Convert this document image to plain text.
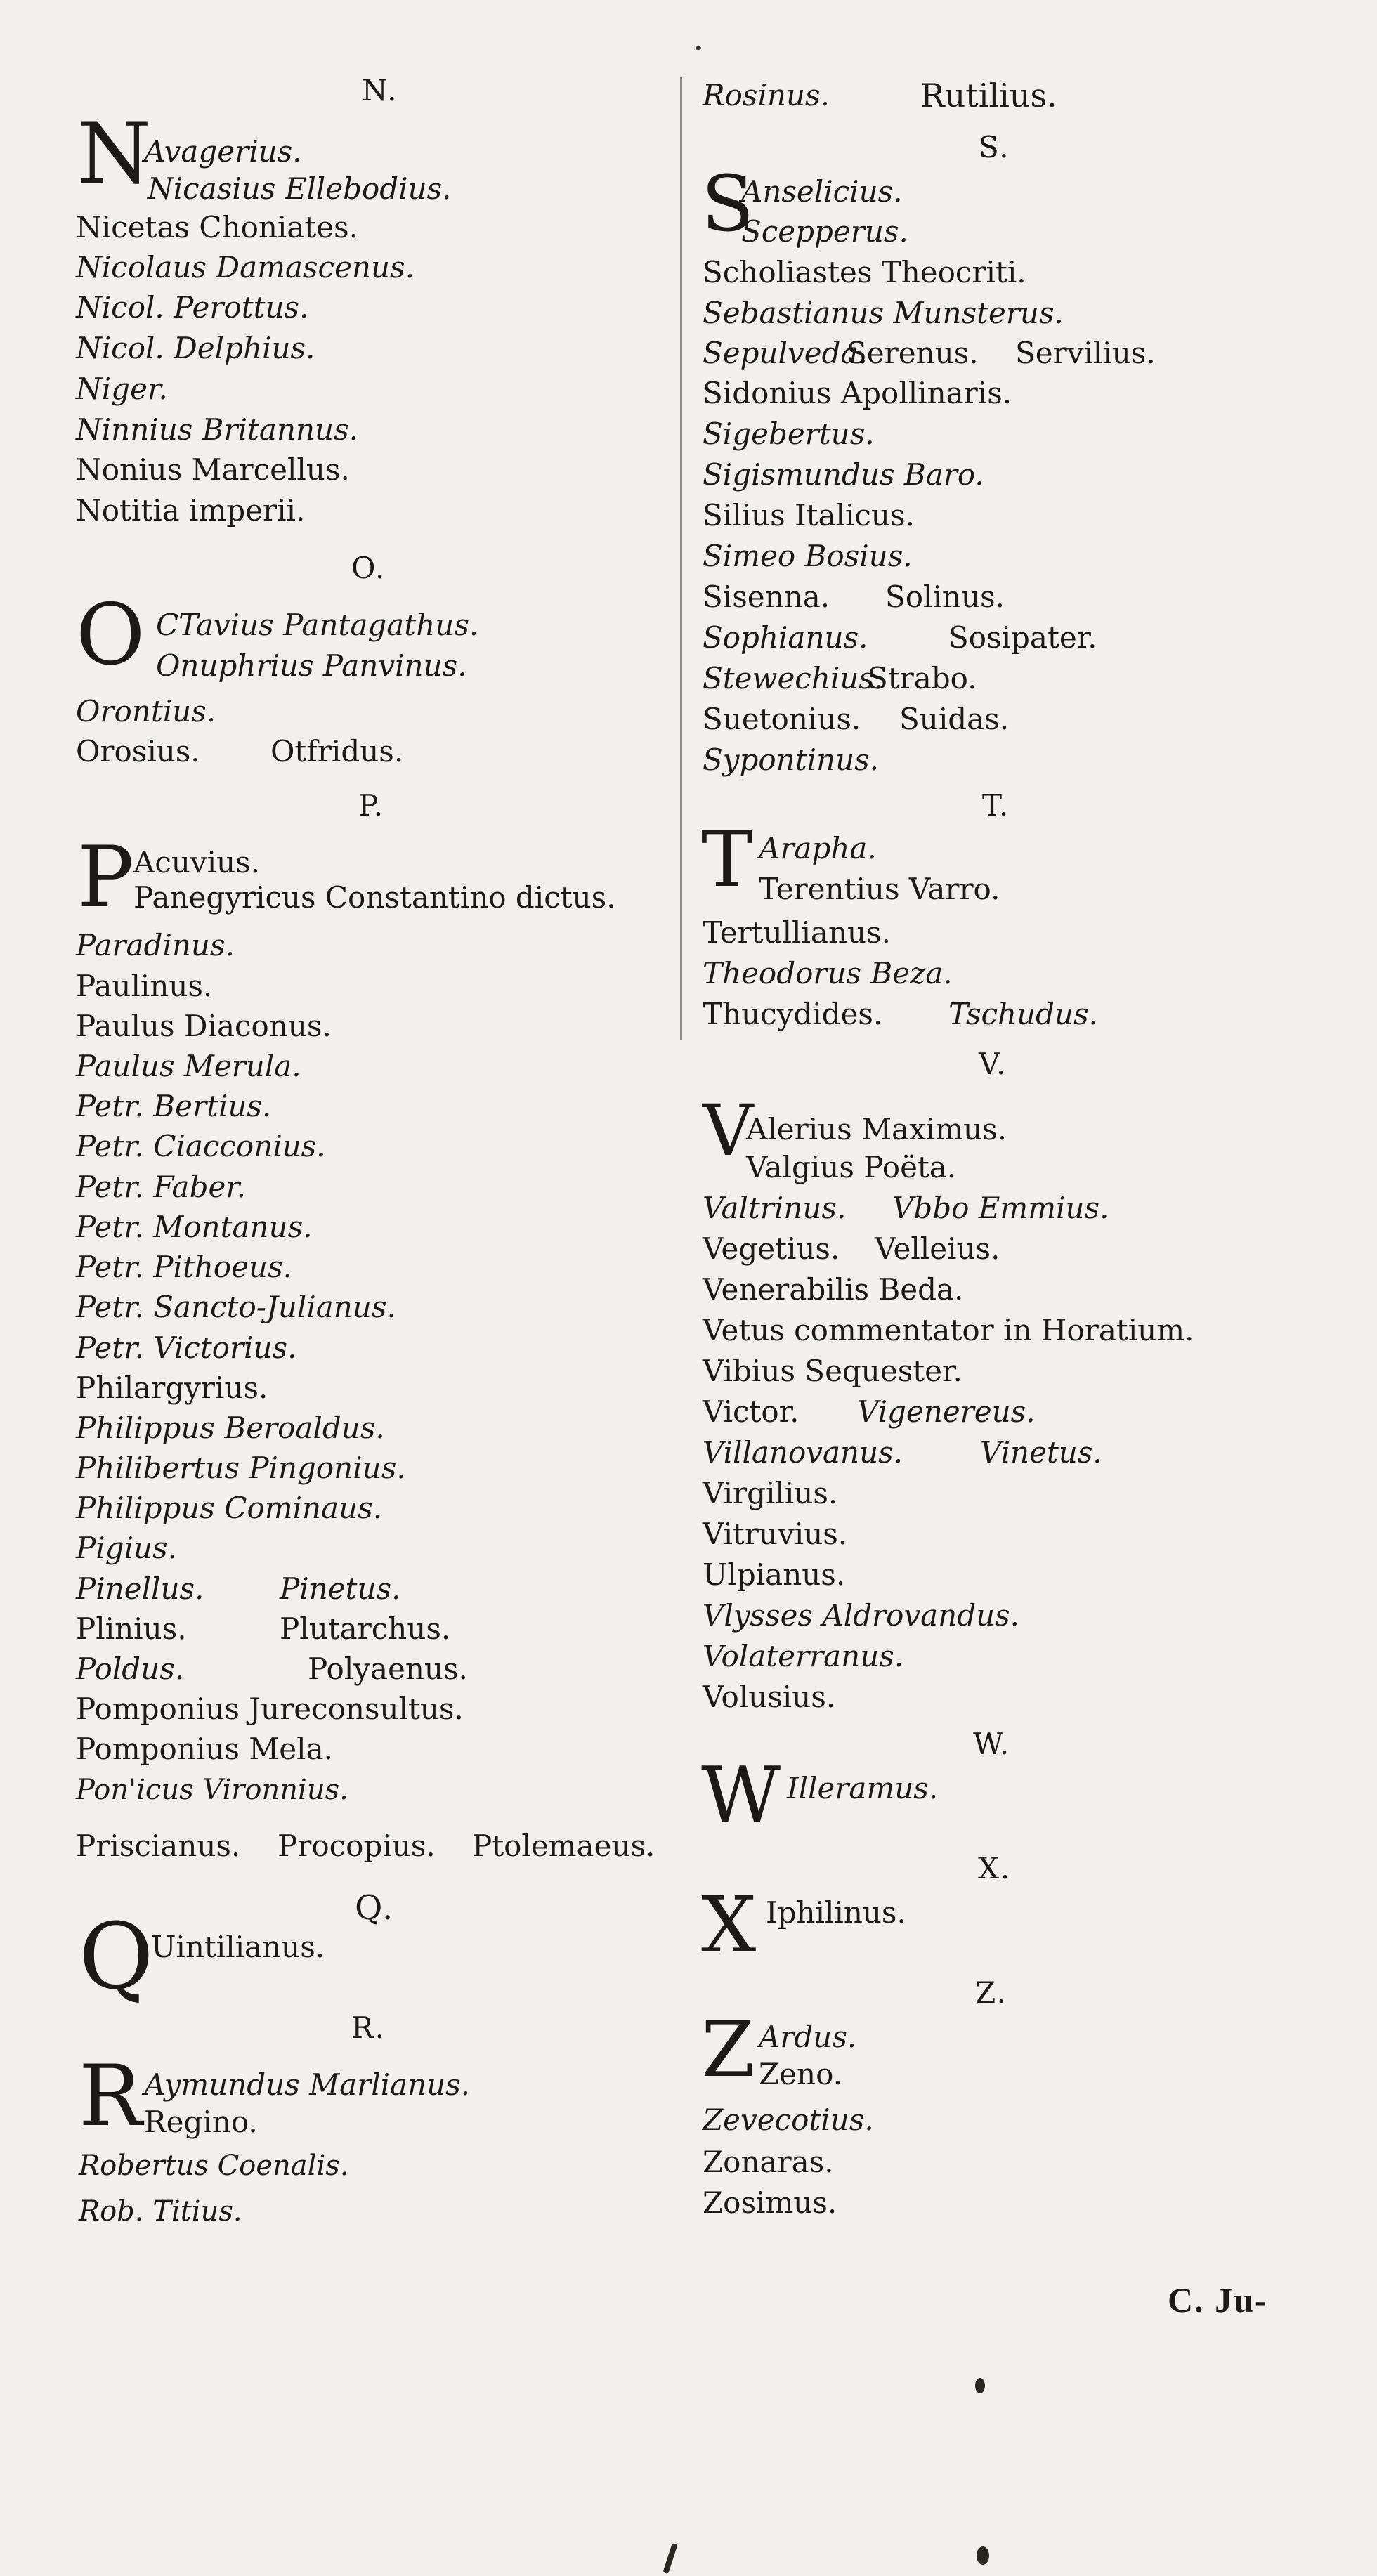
N.
N
Avagerius.
Nicasius Ellebodius.
Nicetas Choniates.
Nicolaus Damascenus.
Nicol. Perottus.
Nicol. Delphius.
Niger.
Ninnius Britannus.
Nonius Marcellus.
Notitia imperii.
O.
O CTavius Pantagathus.
Onuphrius Panvinus.
Orontius.
Orosius. Otfridus.
P.
P Acuvius.
Panegyricus Constantino dictus.
Paradinus.
Paulinus.
Paulus Diaconus.
Paulus Merula.
Petr. Bertius.
Petr. Ciacconius.
Petr. Faber.
Petr. Montanus.
Petr. Pithoeus.
Petr. Sancto-Julianus.
Petr. Victorius.
Philargyrius.
Philippus Beroaldus.
Philibertus Pingonius.
Philippus Cominaus.
Pigius.
Pinellus.	Pinetus.
Plinius.	Plutarchus.
Poldus.	Polyaenus.
Pomponius Jureconsultus.
Pomponius Mela.
Pon'icus Vironnius.
Priscianus. Procopius. Ptolemaeus.
Q.
Q
Uintilianus.
R.
R Aymundus Marlianus.
Regino.
Robertus Coenalis.
Rob. Titius.
Rosinus.	Rutilius.
S.
S
Anselicius.
Scepperus.
Scholiastes Theocriti.
Sebastianus Munsterus.
Sepulveda.
Serenus. Servilius.
Sidonius Apollinaris.
Sigebertus.
Sigismundus Baro.
Silius Italicus.
Simeo Bosius.
Sisenna. Solinus.
Sophianus.	Sosipater.
Stewechius.
Strabo.
Suetonius. Suidas.
Sypontinus.
T.
T Arapha.
Terentius Varro.
Tertullianus.
Theodorus Beza.
Thucydides. Tschudus.
V.
V
Alerius Maximus.
Valgius Poëta.
Valtrinus. Vbbo Emmius.
Vegetius. Velleius.
Venerabilis Beda.
Vetus commentator in Horatium.
Vibius Sequester.
Victor. Vigenereus.
Villanovanus.	Vinetus.
Virgilius.
Vitruvius.
Ulpianus.
Vlysses Aldrovandus.
Volaterranus.
Volusius.
W.
W Illeramus.
X.
X Iphilinus.
Z.
Z Ardus.
Zeno.
Zevecotius.
Zonaras.
Zosimus.
C. Ju-
